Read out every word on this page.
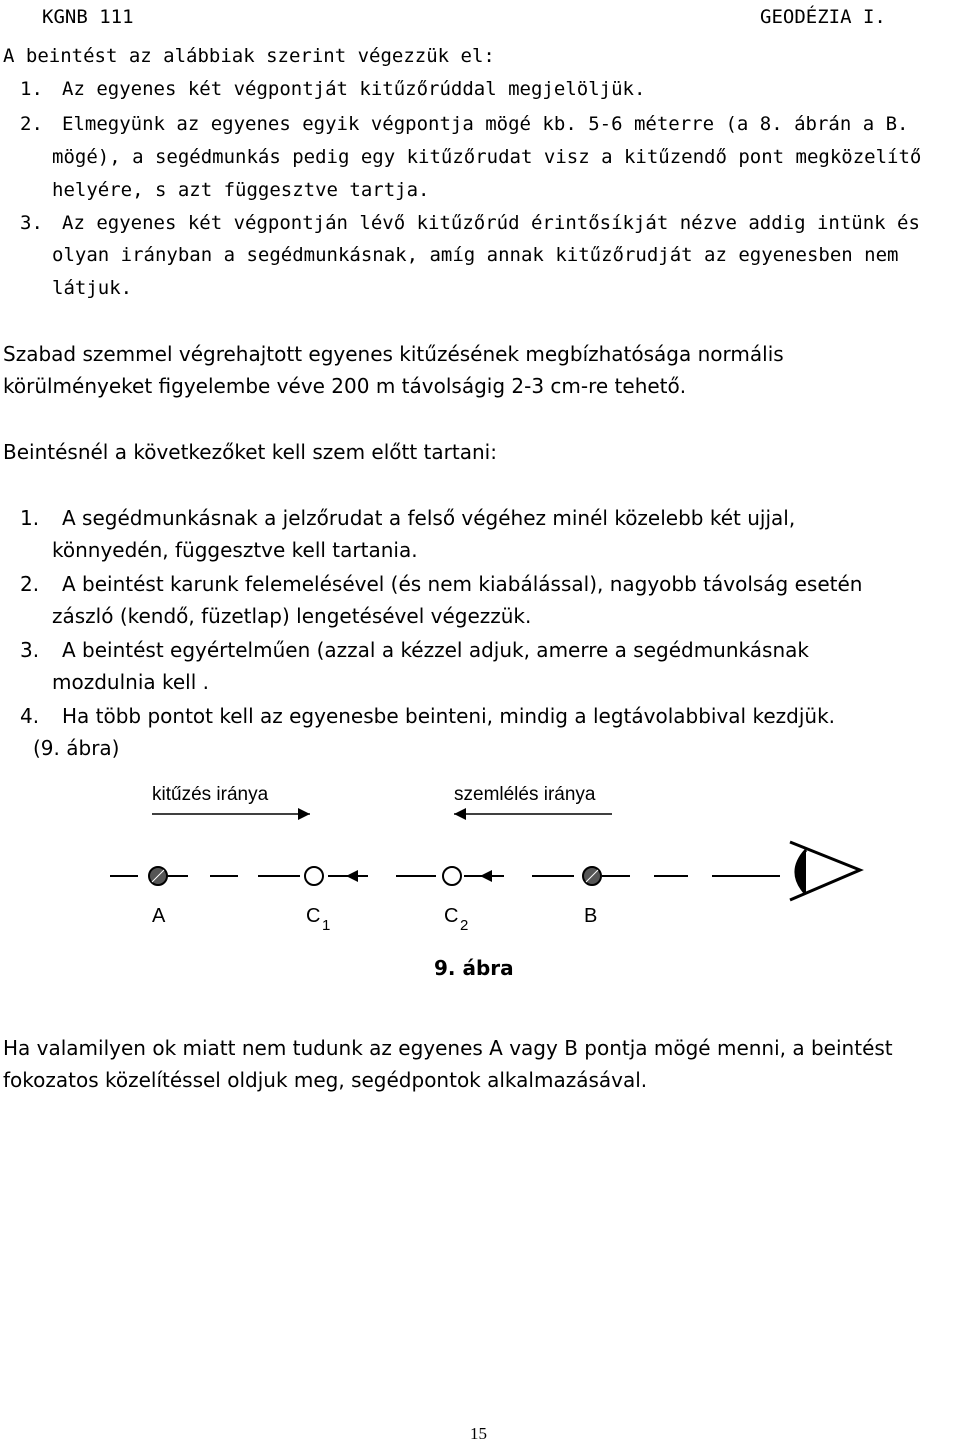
KGNB 111	GEODÉZIA I.
A beintést az alábbiak szerint végezzük el:
1. Az egyenes két végpontját kitűzőrúddal megjelöljük.
2. Elmegyünk az egyenes egyik végpontja mögé kb. 5-6 méterre (a 8. ábrán a B.
mögé), a segédmunkás pedig egy kitűzőrudat visz a kitűzendő pont megközelítő
helyére, s azt függesztve tartja.
3. Az egyenes két végpontján lévő kitűzőrúd érintősíkját nézve addig intünk és
olyan irányban a segédmunkásnak, amíg annak kitűzőrudját az egyenesben nem
látjuk.
Szabad szemmel végrehajtott egyenes kitűzésének megbízhatósága normális
körülményeket figyelembe véve 200 m távolságig 2-3 cm-re tehető.
Beintésnél a következőket kell szem előtt tartani:
1. A segédmunkásnak a jelzőrudat a felső végéhez minél közelebb két ujjal,
könnyedén, függesztve kell tartania.
2. A beintést karunk felemelésével (és nem kiabálással), nagyobb távolság esetén
zászló (kendő, füzetlap) lengetésével végezzük.
3. A beintést egyértelműen (azzal a kézzel adjuk, amerre a segédmunkásnak
mozdulnia kell .
4. Ha több pontot kell az egyenesbe beinteni, mindig a legtávolabbival kezdjük.
(9. ábra)
kitűzés iránya	szemlélés iránya
A	C 1	C 2	B
9. ábra
Ha valamilyen ok miatt nem tudunk az egyenes A vagy B pontja mögé menni, a beintést
fokozatos közelítéssel oldjuk meg, segédpontok alkalmazásával.
15
